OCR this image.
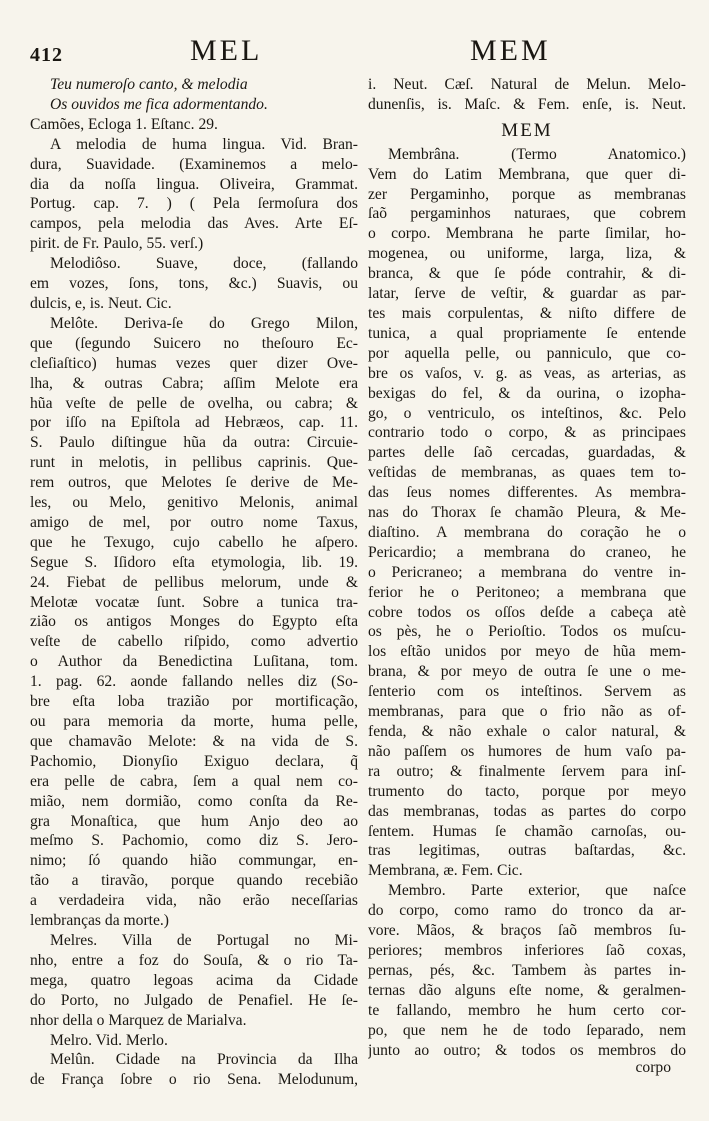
412	MEL	MEM
Teu numeroſo canto, & melodia
Os ouvidos me fica adormentando.
Camões, Ecloga 1. Eſtanc. 29.
A melodia de huma lingua. Vid. Bran-
dura, Suavidade. (Examinemos a melo-
dia da noſſa lingua. Oliveira, Grammat.
Portug. cap. 7. ) ( Pela ſermoſura dos
campos, pela melodia das Aves. Arte Eſ-
pirit. de Fr. Paulo, 55. verſ.)
Melodiôso. Suave, doce, (fallando
em vozes, ſons, tons, &c.) Suavis, ou
dulcis, e, is. Neut. Cic.
Melôte. Deriva-ſe do Grego Milon,
que (ſegundo Suicero no theſouro Ec-
cleſiaſtico) humas vezes quer dizer Ove-
lha, & outras Cabra; aſſim Melote era
hũa veſte de pelle de ovelha, ou cabra; &
por iſſo na Epiſtola ad Hebræos, cap. 11.
S. Paulo diſtingue hũa da outra: Circuie-
runt in melotis, in pellibus caprinis. Que-
rem outros, que Melotes ſe derive de Me-
les, ou Melo, genitivo Melonis, animal
amigo de mel, por outro nome Taxus,
que he Texugo, cujo cabello he aſpero.
Segue S. Iſidoro eſta etymologia, lib. 19.
24. Fiebat de pellibus melorum, unde &
Melotæ vocatæ ſunt. Sobre a tunica tra-
zião os antigos Monges do Egypto eſta
veſte de cabello riſpido, como advertio
o Author da Benedictina Luſitana, tom.
1. pag. 62. aonde fallando nelles diz (So-
bre eſta loba trazião por mortificação,
ou para memoria da morte, huma pelle,
que chamavão Melote: & na vida de S.
Pachomio, Dionyſio Exiguo declara, q̃
era pelle de cabra, ſem a qual nem co-
mião, nem dormião, como conſta da Re-
gra Monaſtica, que hum Anjo deo ao
meſmo S. Pachomio, como diz S. Jero-
nimo; ſó quando hião commungar, en-
tão a tiravão, porque quando recebião
a verdadeira vida, não erão neceſſarias
lembranças da morte.)
Melres. Villa de Portugal no Mi-
nho, entre a foz do Souſa, & o rio Ta-
mega, quatro legoas acima da Cidade
do Porto, no Julgado de Penafiel. He ſe-
nhor della o Marquez de Marialva.
Melro. Vid. Merlo.
Melûn. Cidade na Provincia da Ilha
de França ſobre o rio Sena. Melodunum,
i. Neut. Cæſ. Natural de Melun. Melo-
dunenſis, is. Maſc. & Fem. enſe, is. Neut.
MEM
Membrâna. (Termo Anatomico.)
Vem do Latim Membrana, que quer di-
zer Pergaminho, porque as membranas
ſaõ pergaminhos naturaes, que cobrem
o corpo. Membrana he parte ſimilar, ho-
mogenea, ou uniforme, larga, liza, &
branca, & que ſe póde contrahir, & di-
latar, ſerve de veſtir, & guardar as par-
tes mais corpulentas, & niſto differe de
tunica, a qual propriamente ſe entende
por aquella pelle, ou panniculo, que co-
bre os vaſos, v. g. as veas, as arterias, as
bexigas do fel, & da ourina, o izopha-
go, o ventriculo, os inteſtinos, &c. Pelo
contrario todo o corpo, & as principaes
partes delle ſaõ cercadas, guardadas, &
veſtidas de membranas, as quaes tem to-
das ſeus nomes differentes. As membra-
nas do Thorax ſe chamão Pleura, & Me-
diaſtino. A membrana do coração he o
Pericardio; a membrana do craneo, he
o Pericraneo; a membrana do ventre in-
ferior he o Peritoneo; a membrana que
cobre todos os oſſos deſde a cabeça atè
os pès, he o Perioſtio. Todos os muſcu-
los eſtão unidos por meyo de hũa mem-
brana, & por meyo de outra ſe une o me-
ſenterio com os inteſtinos. Servem as
membranas, para que o frio não as of-
fenda, & não exhale o calor natural, &
não paſſem os humores de hum vaſo pa-
ra outro; & finalmente ſervem para inſ-
trumento do tacto, porque por meyo
das membranas, todas as partes do corpo
ſentem. Humas ſe chamão carnoſas, ou-
tras legitimas, outras baſtardas, &c.
Membrana, æ. Fem. Cic.
Membro. Parte exterior, que naſce
do corpo, como ramo do tronco da ar-
vore. Mãos, & braços ſaõ membros ſu-
periores; membros inferiores ſaõ coxas,
pernas, pés, &c. Tambem às partes in-
ternas dão alguns eſte nome, & geralmen-
te fallando, membro he hum certo cor-
po, que nem he de todo ſeparado, nem
junto ao outro; & todos os membros do
corpo
